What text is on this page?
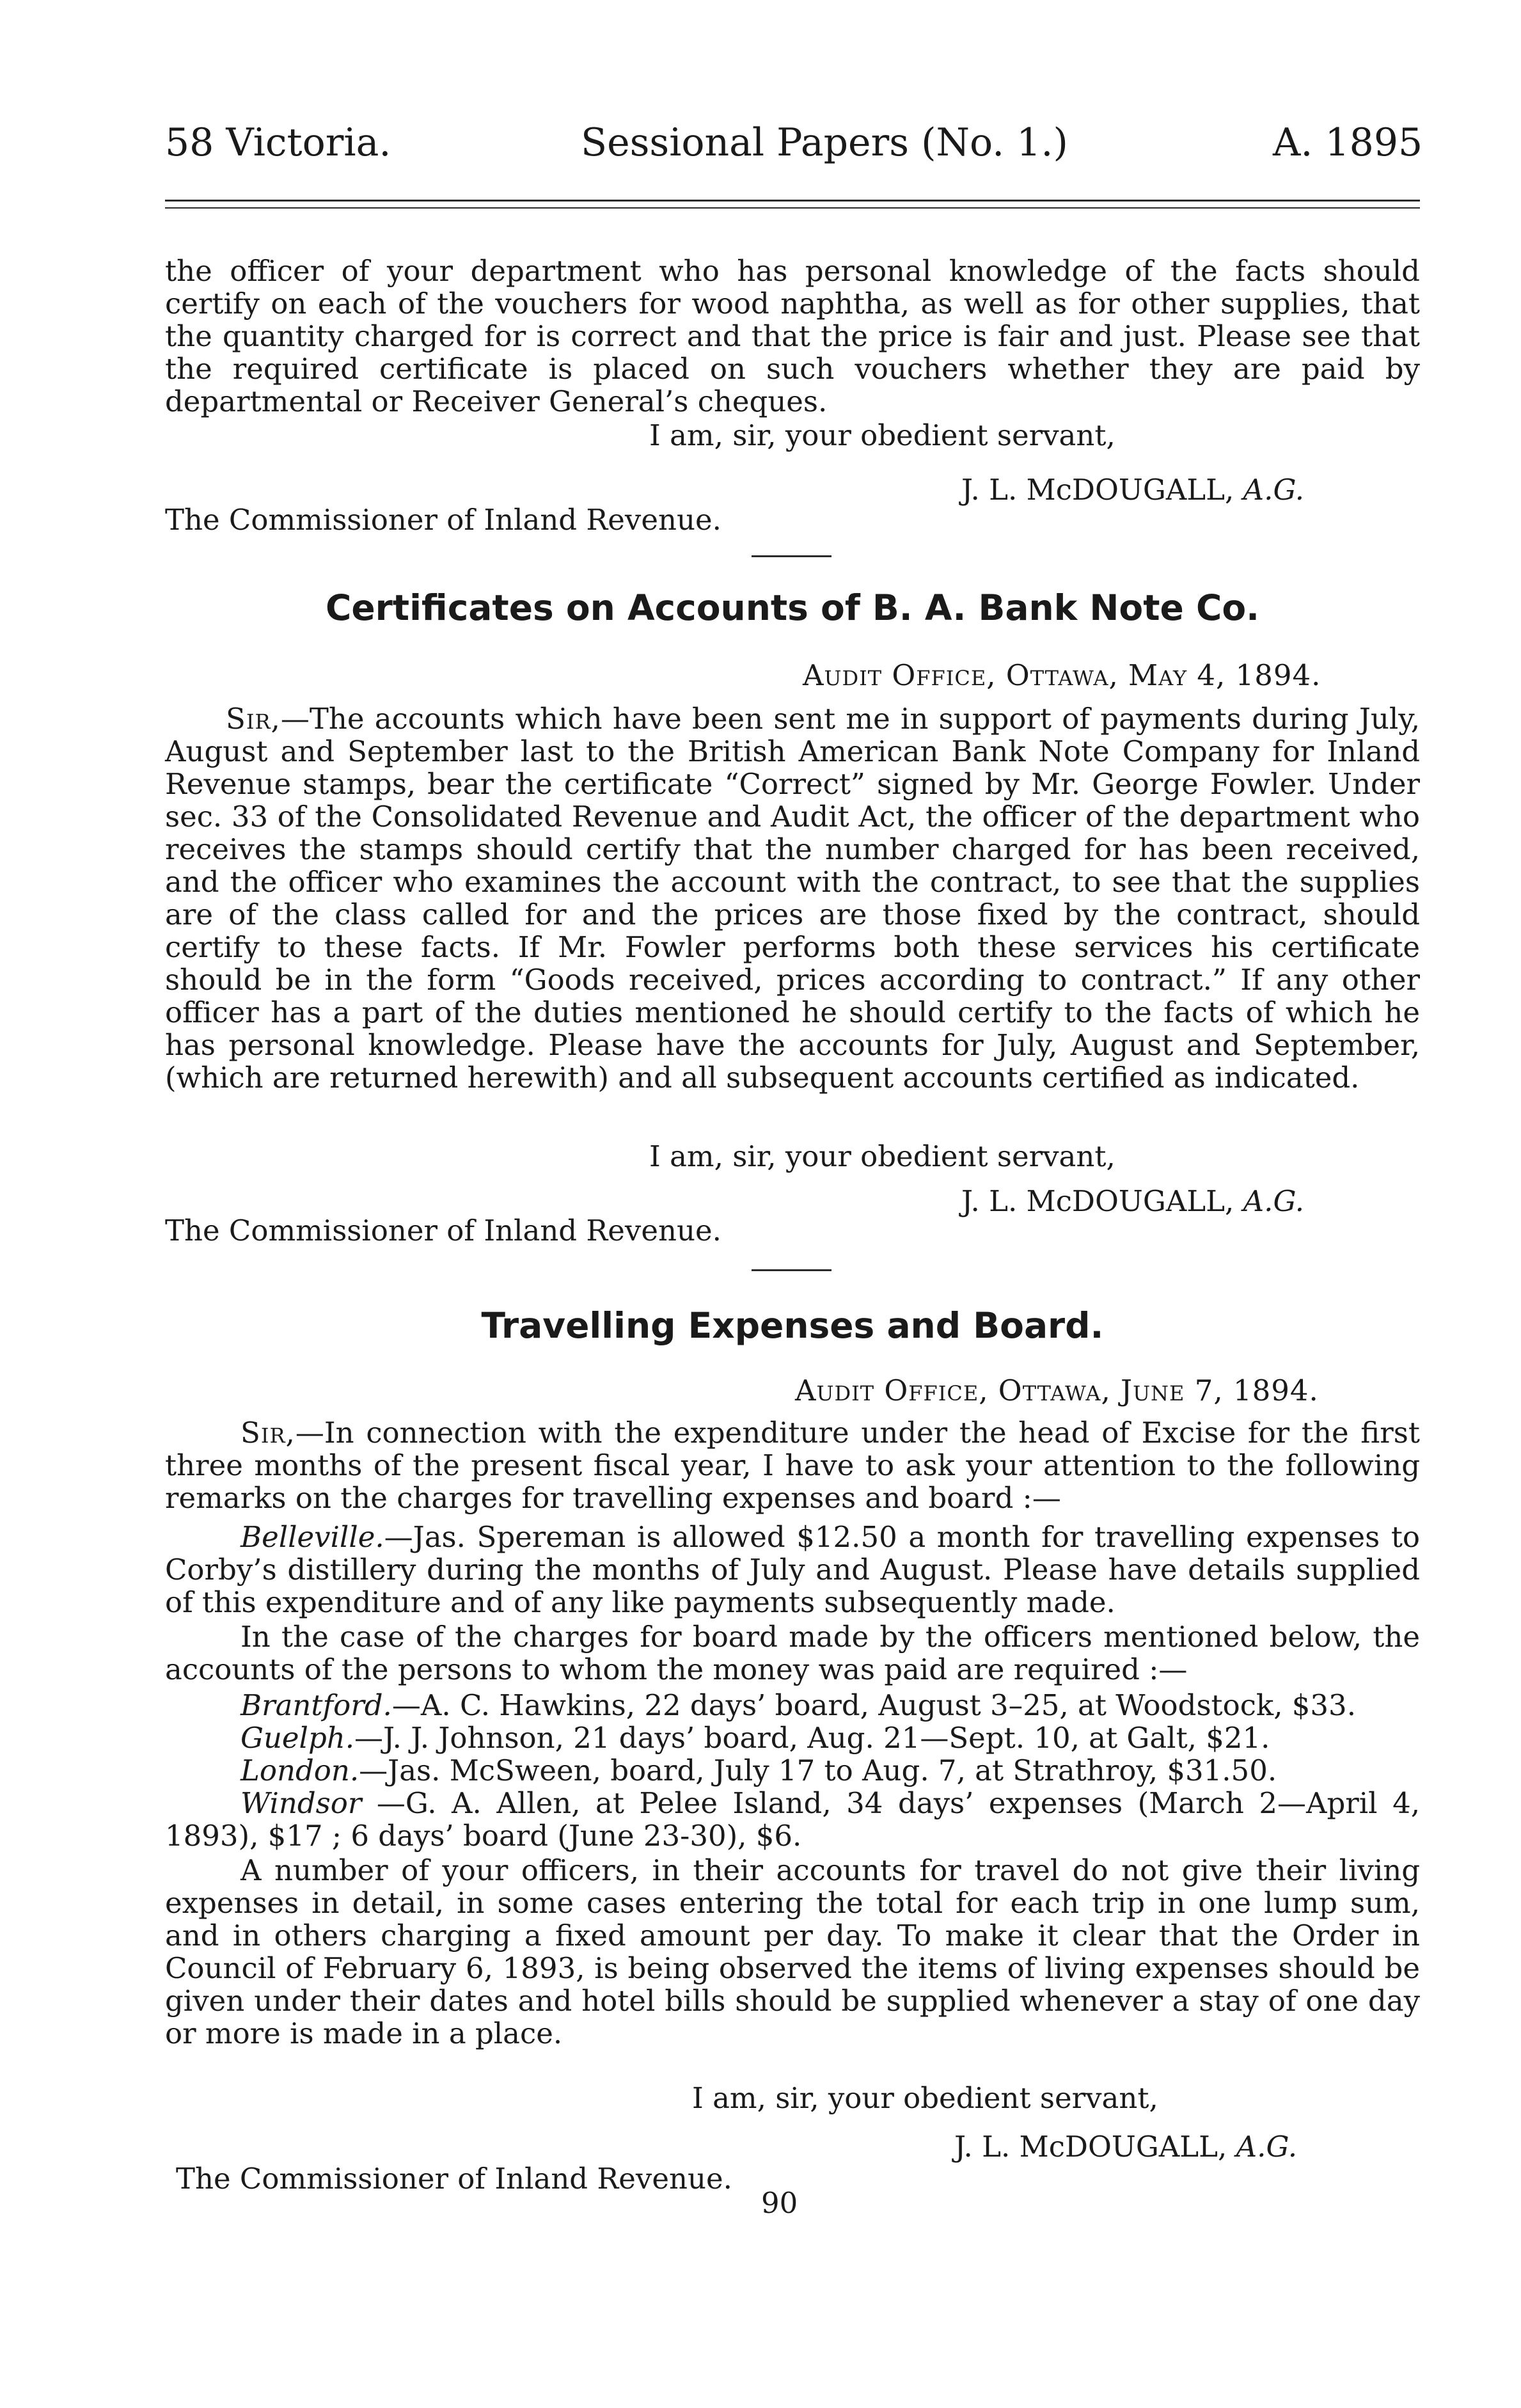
58 Victoria.	Sessional Papers (No. 1.)	A. 1895
the officer of your department who has personal knowledge of the facts should certify on each of the vouchers for wood naphtha, as well as for other supplies, that the quantity charged for is correct and that the price is fair and just. Please see that the required certificate is placed on such vouchers whether they are paid by departmental or Receiver General’s cheques.
I am, sir, your obedient servant,
J. L. McDOUGALL, A.G.
The Commissioner of Inland Revenue.
Certificates on Accounts of B. A. Bank Note Co.
Audit Office, Ottawa, May 4, 1894.
Sir,—The accounts which have been sent me in support of payments during July, August and September last to the British American Bank Note Company for Inland Revenue stamps, bear the certificate “Correct” signed by Mr. George Fowler. Under sec. 33 of the Consolidated Revenue and Audit Act, the officer of the department who receives the stamps should certify that the number charged for has been received, and the officer who examines the account with the contract, to see that the supplies are of the class called for and the prices are those fixed by the contract, should certify to these facts. If Mr. Fowler performs both these services his certificate should be in the form “Goods received, prices according to contract.” If any other officer has a part of the duties mentioned he should certify to the facts of which he has personal knowledge. Please have the accounts for July, August and September, (which are returned herewith) and all subsequent accounts certified as indicated.
I am, sir, your obedient servant,
J. L. McDOUGALL, A.G.
The Commissioner of Inland Revenue.
Travelling Expenses and Board.
Audit Office, Ottawa, June 7, 1894.
Sir,—In connection with the expenditure under the head of Excise for the first three months of the present fiscal year, I have to ask your attention to the following remarks on the charges for travelling expenses and board :—
Belleville.—Jas. Spereman is allowed $12.50 a month for travelling expenses to Corby’s distillery during the months of July and August. Please have details supplied of this expenditure and of any like payments subsequently made.
In the case of the charges for board made by the officers mentioned below, the accounts of the persons to whom the money was paid are required :—
Brantford.—A. C. Hawkins, 22 days’ board, August 3–25, at Woodstock, $33.
Guelph.—J. J. Johnson, 21 days’ board, Aug. 21—Sept. 10, at Galt, $21.
London.—Jas. McSween, board, July 17 to Aug. 7, at Strathroy, $31.50.
Windsor —G. A. Allen, at Pelee Island, 34 days’ expenses (March 2—April 4, 1893), $17 ; 6 days’ board (June 23-30), $6.
A number of your officers, in their accounts for travel do not give their living expenses in detail, in some cases entering the total for each trip in one lump sum, and in others charging a fixed amount per day. To make it clear that the Order in Council of February 6, 1893, is being observed the items of living expenses should be given under their dates and hotel bills should be supplied whenever a stay of one day or more is made in a place.
I am, sir, your obedient servant,
J. L. McDOUGALL, A.G.
The Commissioner of Inland Revenue.
90
